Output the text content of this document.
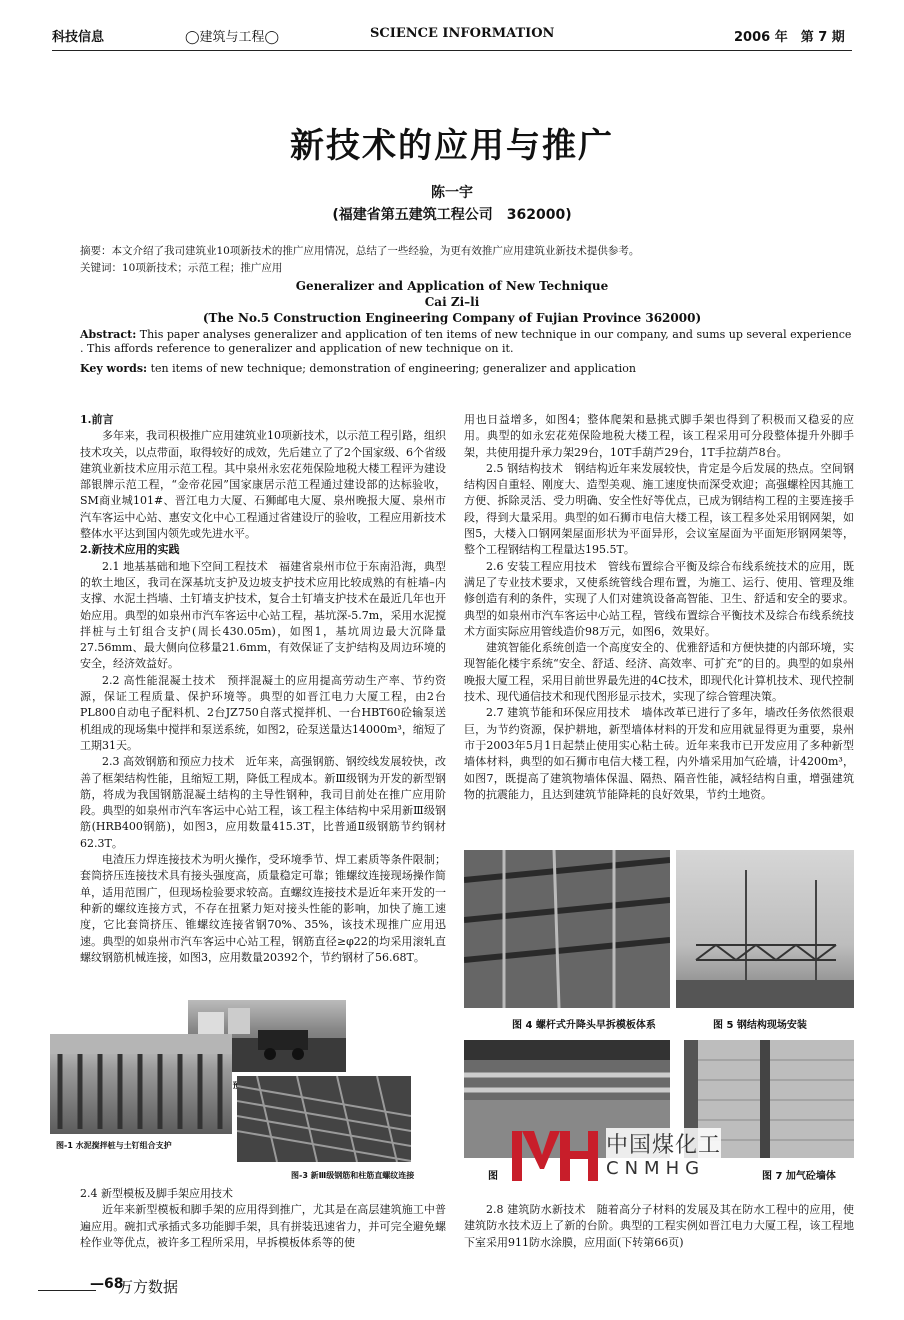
科技信息	◯建筑与工程◯	SCIENCE INFORMATION	2006 年　第 7 期
新技术的应用与推广
陈一宇
(福建省第五建筑工程公司　362000)
摘要：本文介绍了我司建筑业10项新技术的推广应用情况，总结了一些经验，为更有效推广应用建筑业新技术提供参考。
关键词：10项新技术；示范工程；推广应用
Generalizer and Application of New Technique
Cai Zi–li
(The No.5 Construction Engineering Company of Fujian Province 362000)
Abstract: This paper analyses generalizer and application of ten items of new technique in our company, and sums up several experience . This affords reference to generalizer and application of new technique on it.
Key words: ten items of new technique; demonstration of engineering; generalizer and application
1.前言

多年来，我司积极推广应用建筑业10项新技术，以示范工程引路，组织技术攻关，以点带面，取得较好的成效，先后建立了了2个国家级、6个省级建筑业新技术应用示范工程。其中泉州永宏花苑保险地税大楼工程评为建设部银牌示范工程，“金帝花园”国家康居示范工程通过建设部的达标验收，SM商业城101#、晋江电力大厦、石狮邮电大厦、泉州晚报大厦、泉州市汽车客运中心站、惠安文化中心工程通过省建设厅的验收，工程应用新技术整体水平达到国内领先或先进水平。

2.新技术应用的实践

2.1 地基基础和地下空间工程技术　福建省泉州市位于东南沿海，典型的软土地区，我司在深基坑支护及边坡支护技术应用比较成熟的有桩墙–内支撑、水泥土挡墙、土钉墙支护技术，复合土钉墙支护技术在最近几年也开始应用。典型的如泉州市汽车客运中心站工程，基坑深-5.7m，采用水泥搅拌桩与土钉组合支护(周长430.05m)，如图1，基坑周边最大沉降量27.56mm、最大侧向位移量21.6mm，有效保证了支护结构及周边环境的安全，经济效益好。

2.2 高性能混凝土技术　预拌混凝土的应用提高劳动生产率、节约资源，保证工程质量、保护环境等。典型的如晋江电力大厦工程，由2台PL800自动电子配料机、2台JZ750自落式搅拌机、一台HBT60砼输泵送机组成的现场集中搅拌和泵送系统，如图2，砼泵送量达14000m³，缩短了工期31天。

2.3 高效钢筋和预应力技术　近年来，高强钢筋、钢绞线发展较快，改善了框架结构性能，且缩短工期，降低工程成本。新Ⅲ级钢为开发的新型钢筋，将成为我国钢筋混凝土结构的主导性钢种，我司目前处在推广应用阶段。典型的如泉州市汽车客运中心站工程，该工程主体结构中采用新Ⅲ级钢筋(HRB400钢筋)，如图3，应用数量415.3T，比普通Ⅱ级钢筋节约钢材62.3T。

电渣压力焊连接技术为明火操作，受环境季节、焊工素质等条件限制；套筒挤压连接技术具有接头强度高，质量稳定可靠；锥螺纹连接现场操作简单，适用范围广，但现场检验要求较高。直螺纹连接技术是近年来开发的一种新的螺纹连接方式，不存在扭紧力矩对接头性能的影响，加快了施工速度，它比套筒挤压、锥螺纹连接省钢70%、35%，该技术现推广应用迅速。典型的如泉州市汽车客运中心站工程，钢筋直径≥φ22的均采用滚轧直螺纹钢筋机械连接，如图3，应用数量20392个，节约钢材了56.68T。

图-1 水泥搅拌桩与土钉组合支护
图-3 新Ⅲ级钢筋和柱筋直螺纹连接
2.4 新型模板及脚手架应用技术

近年来新型模板和脚手架的应用得到推广，尤其是在高层建筑施工中普遍应用。碗扣式承插式多功能脚手架，具有拼装迅速省力，并可完全避免螺栓作业等优点，被许多工程所采用，早拆模板体系等的使

用也日益增多，如图4；整体爬架和悬挑式脚手架也得到了积极而又稳妥的应用。典型的如永宏花苑保险地税大楼工程，该工程采用可分段整体提升外脚手架，共使用提升承力架29台，10T手葫芦29台，1T手拉葫芦8台。

2.5 钢结构技术　钢结构近年来发展较快，肯定是今后发展的热点。空间钢结构因自重轻、刚度大、造型美观、施工速度快而深受欢迎；高强螺栓因其施工方便、拆除灵活、受力明确、安全性好等优点，已成为钢结构工程的主要连接手段，得到大量采用。典型的如石狮市电信大楼工程，该工程多处采用钢网架，如图5，大楼入口钢网架屋面形状为平面异形，会议室屋面为平面矩形钢网架等，整个工程钢结构工程量达195.5T。

2.6 安装工程应用技术　管线布置综合平衡及综合布线系统技术的应用，既满足了专业技术要求，又使系统管线合理布置，为施工、运行、使用、管理及维修创造有利的条件，实现了人们对建筑设备高智能、卫生、舒适和安全的要求。典型的如泉州市汽车客运中心站工程，管线布置综合平衡技术及综合布线系统技术方面实际应用管线造价98万元，如图6，效果好。

建筑智能化系统创造一个高度安全的、优雅舒适和方便快捷的内部环境，实现智能化楼宇系统“安全、舒适、经济、高效率、可扩充”的目的。典型的如泉州晚报大厦工程，采用目前世界最先进的4C技术，即现代化计算机技术、现代控制技术、现代通信技术和现代图形显示技术，实现了综合管理决策。

2.7 建筑节能和环保应用技术　墙体改革已进行了多年，墙改任务依然很艰巨，为节约资源，保护耕地，新型墙体材料的开发和应用就显得更为重要，泉州市于2003年5月1日起禁止使用实心粘土砖。近年来我市已开发应用了多种新型墙体材料，典型的如石狮市电信大楼工程，内外墙采用加气砼墙，计4200m³，如图7，既提高了建筑物墙体保温、隔热、隔音性能，减轻结构自重，增强建筑物的抗震能力，且达到建筑节能降耗的良好效果，节约土地资。

图 4 螺杆式升降头早拆模板体系	图 5 钢结构现场安装
图	图 7 加气砼墙体
中国煤化工
CNMHG

2.8 建筑防水新技术　随着高分子材料的发展及其在防水工程中的应用，使建筑防水技术迈上了新的台阶。典型的工程实例如晋江电力大厦工程，该工程地下室采用911防水涂膜，应用面(下转第66页)

—68
万方数据
